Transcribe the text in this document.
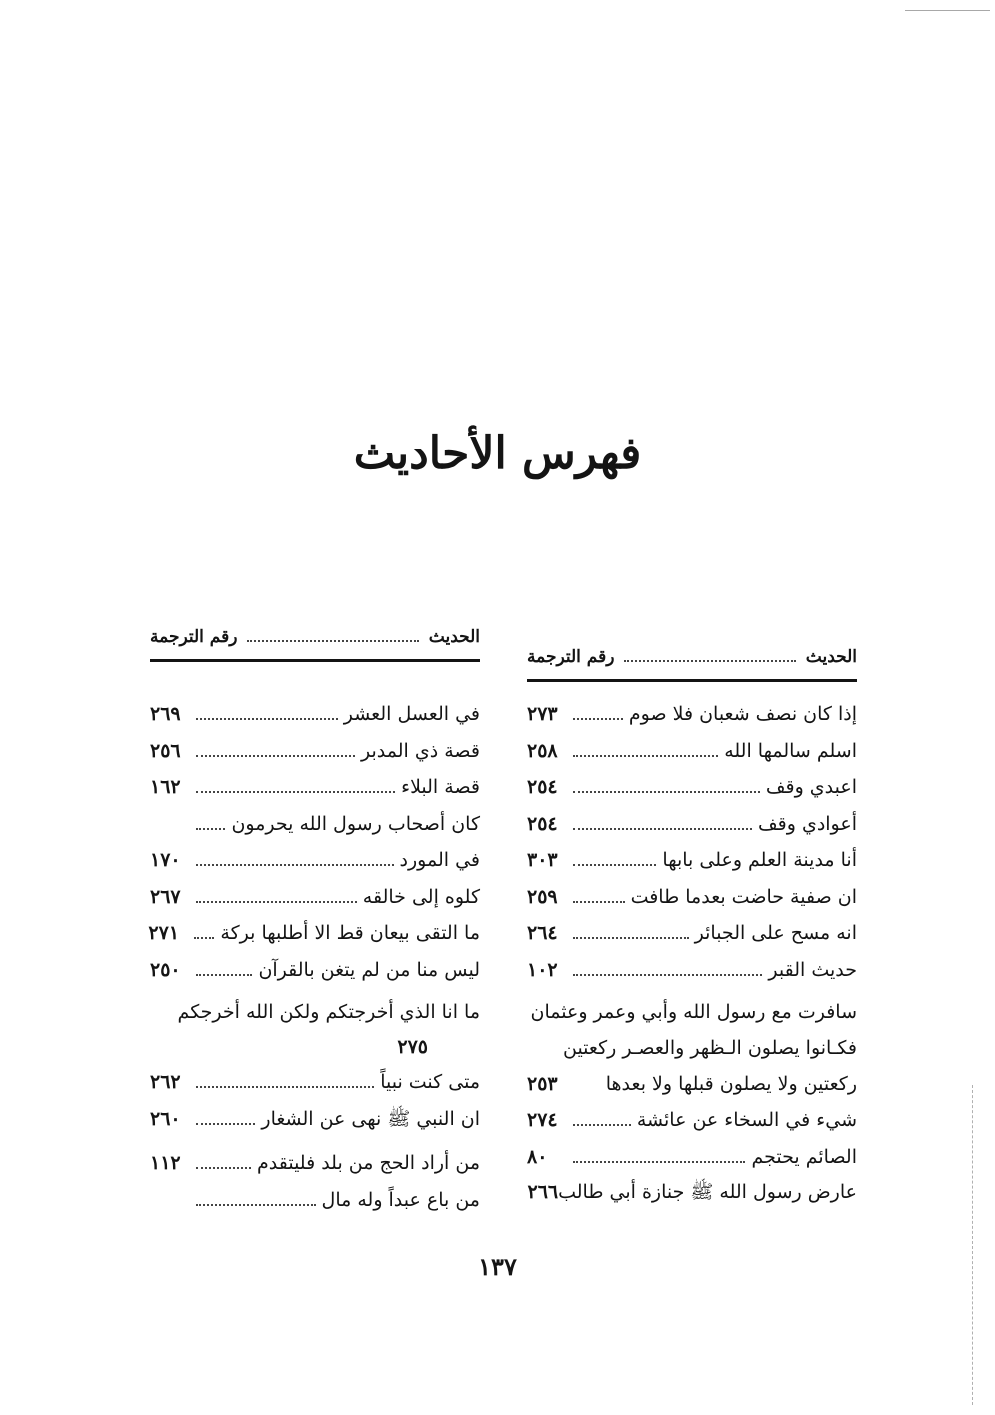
فهرس الأحاديث
الحديث
رقم الترجمة
إذا كان نصف شعبان فلا صوم
٢٧٣
اسلم سالمها الله
٢٥٨
اعبدي وقف
٢٥٤
أعوادي وقف
٢٥٤
أنا مدينة العلم وعلى بابها
٣٠٣
ان صفية حاضت بعدما طافت
٢٥٩
انه مسح على الجبائر
٢٦٤
حديث القبر
١٠٢
سافرت مع رسول الله وأبي وعمر وعثمان
فكـانوا يصلون الـظهر والعصـر ركعتين
ركعتين ولا يصلون قبلها ولا بعدها
٢٥٣
شيء في السخاء عن عائشة
٢٧٤
الصائم يحتجم
٨٠
عارض رسول الله ﷺ جنازة أبي طالب
٢٦٦
الحديث
رقم الترجمة
في العسل العشر
٢٦٩
قصة ذي المدبر
٢٥٦
قصة البلاء
١٦٢
كان أصحاب رسول الله يحرمون
في المورد
١٧٠
كلوه إلى خالقه
٢٦٧
ما التقى بيعان قط الا أطلبها بركة
٢٧١
ليس منا من لم يتغن بالقرآن
٢٥٠
ما انا الذي أخرجتكم ولكن الله أخرجكم
٢٧٥
متى كنت نبياً
٢٦٢
ان النبي ﷺ نهى عن الشغار
٢٦٠
من أراد الحج من بلد فليتقدم
١١٢
من باع عبداً وله مال
١٣٧
